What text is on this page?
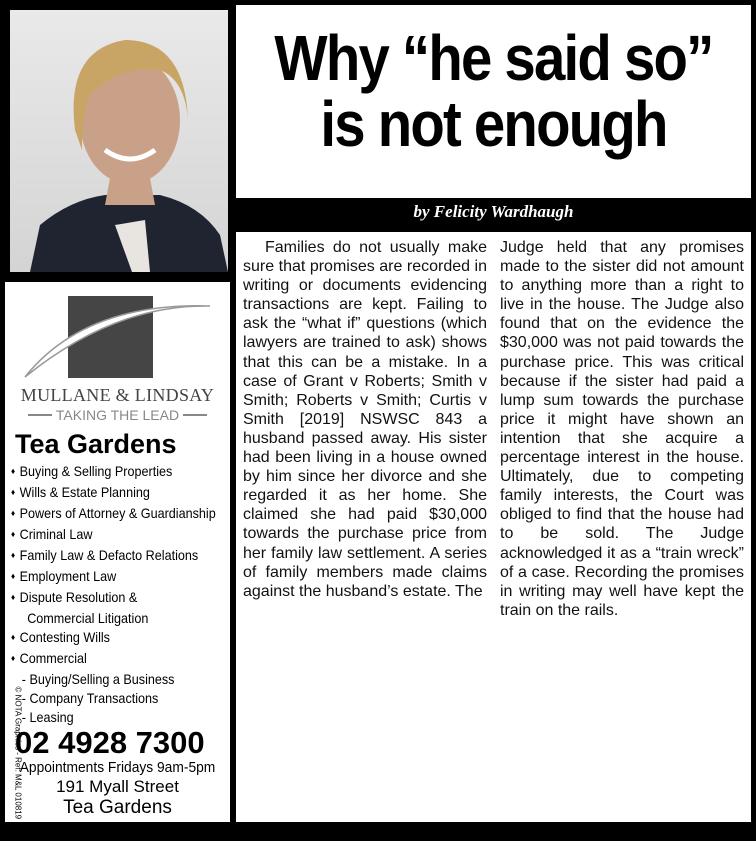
Why “he said so”
is not enough
by Felicity Wardhaugh
Families do not usually make sure that promises are recorded in writing or documents evidencing transactions are kept. Failing to ask the “what if” questions (which lawyers are trained to ask) shows that this can be a mistake. In a case of Grant v Roberts; Smith v Smith; Roberts v Smith; Curtis v Smith [2019] NSWSC 843 a husband passed away. His sister had been living in a house owned by him since her divorce and she regarded it as her home. She claimed she had paid $30,000 towards the purchase price from her family law settlement. A series of family members made claims against the husband’s estate. The
Judge held that any promises made to the sister did not amount to anything more than a right to live in the house. The Judge also found that on the evidence the $30,000 was not paid towards the purchase price. This was critical because if the sister had paid a lump sum towards the purchase price it might have shown an intention that she acquire a percentage interest in the house. Ultimately, due to competing family interests, the Court was obliged to find that the house had to be sold. The Judge acknowledged it as a “train wreck” of a case. Recording the promises in writing may well have kept the train on the rails.
MULLANE & LINDSAY
TAKING THE LEAD
Tea Gardens
♦ Buying & Selling Properties
♦ Wills & Estate Planning
♦ Powers of Attorney & Guardianship
♦ Criminal Law
♦ Family Law & Defacto Relations
♦ Employment Law
♦ Dispute Resolution &
Commercial Litigation
♦ Contesting Wills
♦ Commercial
- Buying/Selling a Business
- Company Transactions
- Leasing
02 4928 7300
Appointments Fridays 9am-5pm
191 Myall Street
Tea Gardens
www.mullanelindsay.com.au
© NOTA Graphics - Ref: M&L 010819
